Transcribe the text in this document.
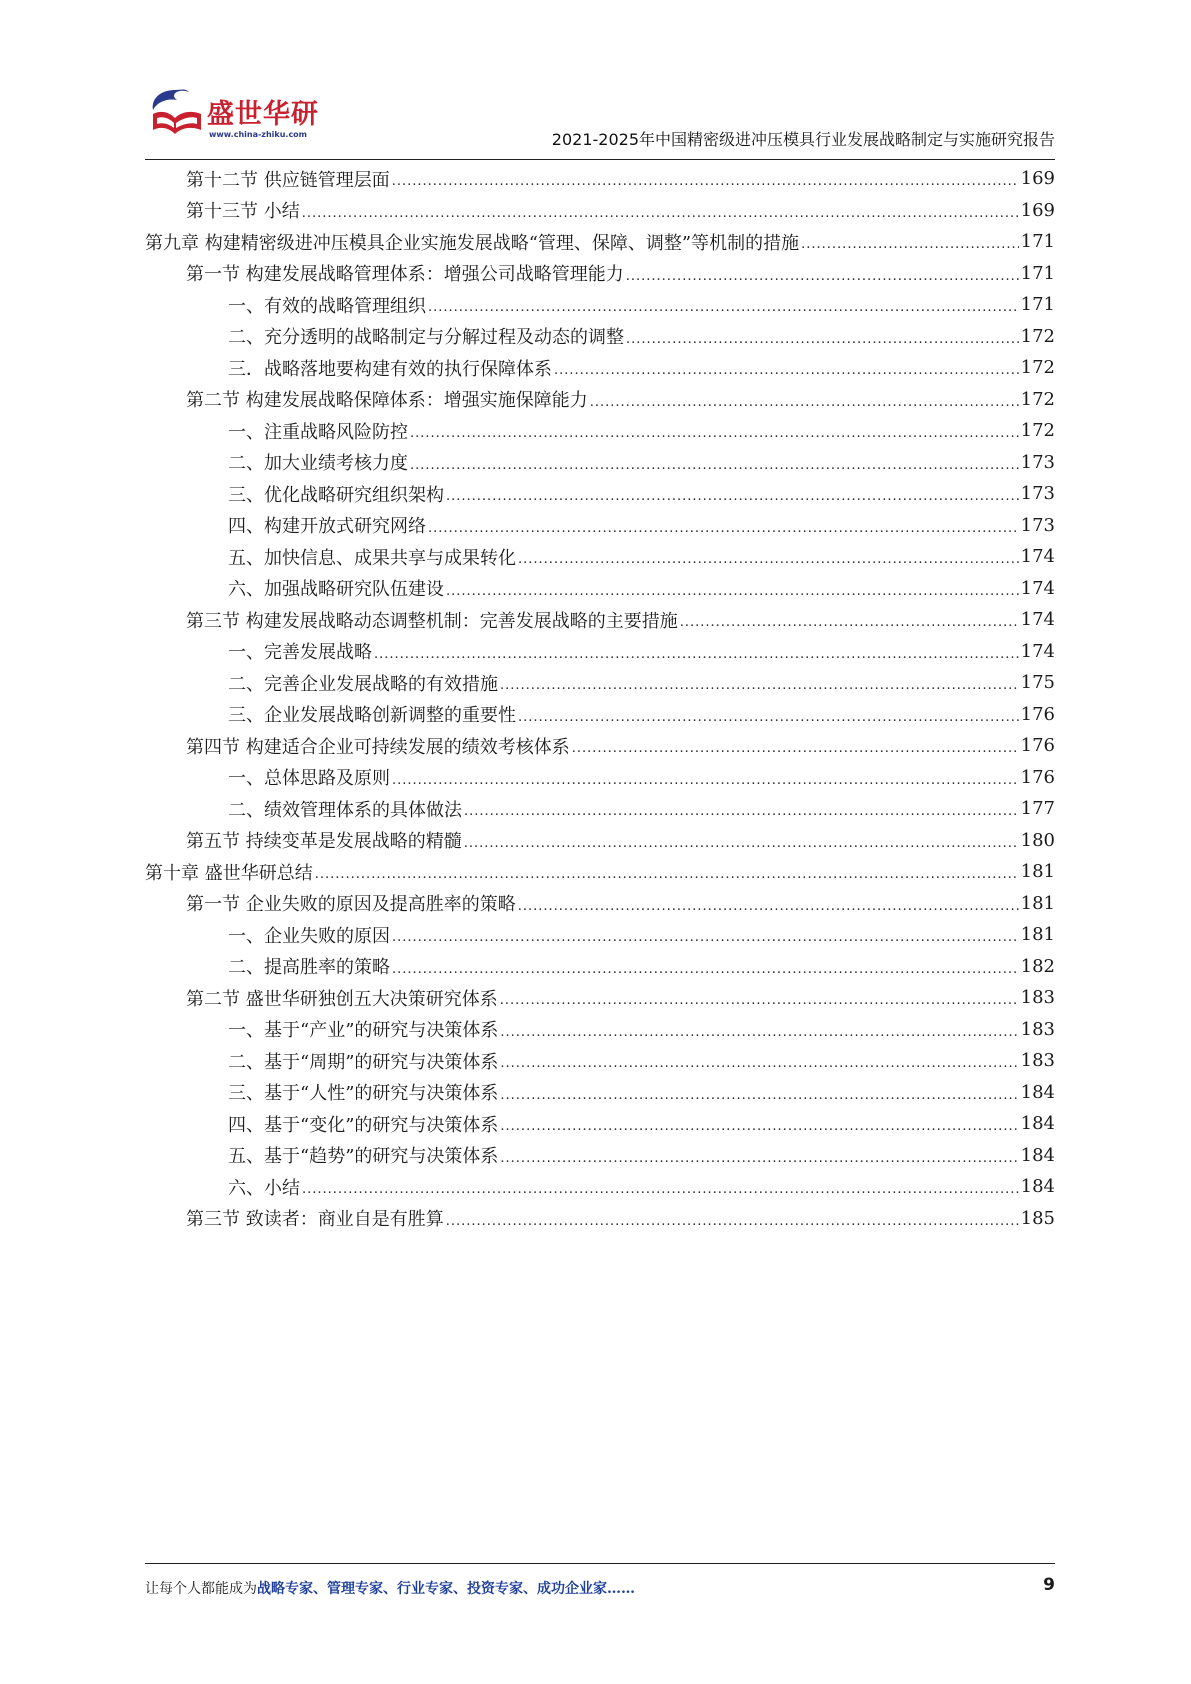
盛世华研
www.china-zhiku.com	2021-2025年中国精密级进冲压模具行业发展战略制定与实施研究报告
第十二节 供应链管理层面 .....	169
第十三节 小结 .....	169
第九章 构建精密级进冲压模具企业实施发展战略“管理、保障、调整”等机制的措施 .....	171
第一节 构建发展战略管理体系：增强公司战略管理能力 .....	171
一、有效的战略管理组织 .....	171
二、充分透明的战略制定与分解过程及动态的调整 .....	172
三．战略落地要构建有效的执行保障体系 .....	172
第二节 构建发展战略保障体系：增强实施保障能力 .....	172
一、注重战略风险防控 .....	172
二、加大业绩考核力度 .....	173
三、优化战略研究组织架构 .....	173
四、构建开放式研究网络 .....	173
五、加快信息、成果共享与成果转化 .....	174
六、加强战略研究队伍建设 .....	174
第三节 构建发展战略动态调整机制：完善发展战略的主要措施 .....	174
一、完善发展战略 .....	174
二、完善企业发展战略的有效措施 .....	175
三、企业发展战略创新调整的重要性 .....	176
第四节 构建适合企业可持续发展的绩效考核体系 .....	176
一、总体思路及原则 .....	176
二、绩效管理体系的具体做法 .....	177
第五节 持续变革是发展战略的精髓 .....	180
第十章 盛世华研总结 .....	181
第一节 企业失败的原因及提高胜率的策略 .....	181
一、企业失败的原因 .....	181
二、提高胜率的策略 .....	182
第二节 盛世华研独创五大决策研究体系 .....	183
一、基于“产业”的研究与决策体系 .....	183
二、基于“周期”的研究与决策体系 .....	183
三、基于“人性”的研究与决策体系 .....	184
四、基于“变化”的研究与决策体系 .....	184
五、基于“趋势”的研究与决策体系 .....	184
六、小结 .....	184
第三节 致读者：商业自是有胜算 .....	185
让每个人都能成为战略专家、管理专家、行业专家、投资专家、成功企业家……	9
